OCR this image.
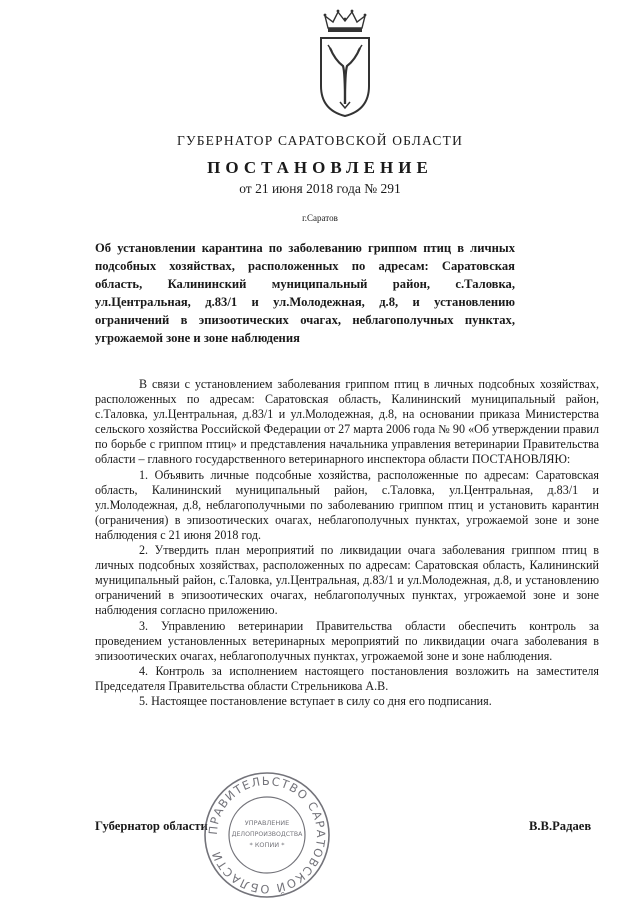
ГУБЕРНАТОР САРАТОВСКОЙ ОБЛАСТИ
ПОСТАНОВЛЕНИЕ
от 21 июня 2018 года № 291
г.Саратов
Об установлении карантина по заболеванию гриппом птиц в личных подсобных хозяйствах, расположенных по адресам: Саратовская область, Калининский муниципальный район, с.Таловка, ул.Центральная, д.83/1 и ул.Молодежная, д.8, и установлению ограничений в эпизоотических очагах, неблагополучных пунктах, угрожаемой зоне и зоне наблюдения

В связи с установлением заболевания гриппом птиц в личных подсобных хозяйствах, расположенных по адресам: Саратовская область, Калининский муниципальный район, с.Таловка, ул.Центральная, д.83/1 и ул.Молодежная, д.8, на основании приказа Министерства сельского хозяйства Российской Федерации от 27 марта 2006 года № 90 «Об утверждении правил по борьбе с гриппом птиц» и представления начальника управления ветеринарии Правительства области – главного государственного ветеринарного инспектора области ПОСТАНОВЛЯЮ:

1. Объявить личные подсобные хозяйства, расположенные по адресам: Саратовская область, Калининский муниципальный район, с.Таловка, ул.Центральная, д.83/1 и ул.Молодежная, д.8, неблагополучными по заболеванию гриппом птиц и установить карантин (ограничения) в эпизоотических очагах, неблагополучных пунктах, угрожаемой зоне и зоне наблюдения с 21 июня 2018 год.

2. Утвердить план мероприятий по ликвидации очага заболевания гриппом птиц в личных подсобных хозяйствах, расположенных по адресам: Саратовская область, Калининский муниципальный район, с.Таловка, ул.Центральная, д.83/1 и ул.Молодежная, д.8, и установлению ограничений в эпизоотических очагах, неблагополучных пунктах, угрожаемой зоне и зоне наблюдения согласно приложению.

3. Управлению ветеринарии Правительства области обеспечить контроль за проведением установленных ветеринарных мероприятий по ликвидации очага заболевания в эпизоотических очагах, неблагополучных пунктах, угрожаемой зоне и зоне наблюдения.

4. Контроль за исполнением настоящего постановления возложить на заместителя Председателя Правительства области Стрельникова А.В.

5. Настоящее постановление вступает в силу со дня его подписания.

Губернатор области	В.В.Радаев
ПРАВИТЕЛЬСТВО САРАТОВСКОЙ ОБЛАСТИ
УПРАВЛЕНИЕ
ДЕЛОПРОИЗВОДСТВА
* КОПИИ *
